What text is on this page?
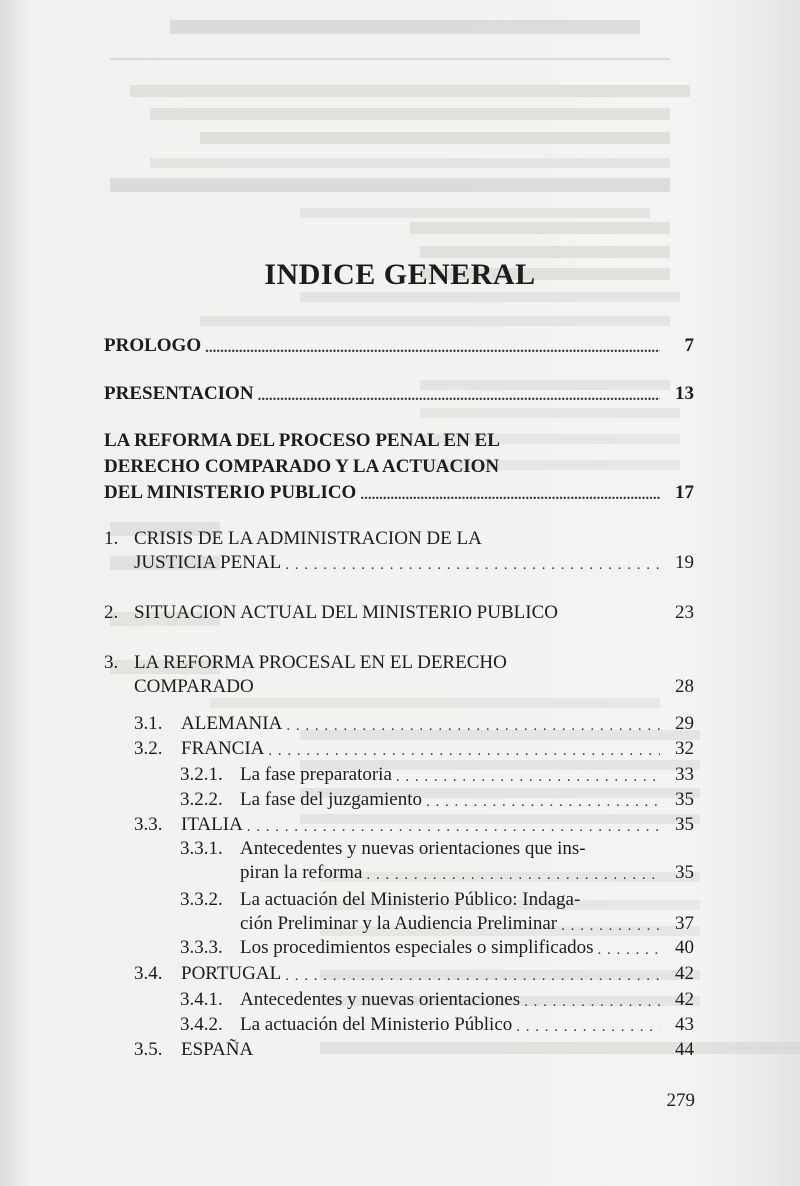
INDICE GENERAL
PROLOGO .....	7
PRESENTACION .....	13
LA REFORMA DEL PROCESO PENAL EN EL
DERECHO COMPARADO Y LA ACTUACION
DEL MINISTERIO PUBLICO .....	17
1. CRISIS DE LA ADMINISTRACION DE LA
JUSTICIA PENAL . . .	19
2. SITUACION ACTUAL DEL MINISTERIO PUBLICO	23
3. LA REFORMA PROCESAL EN EL DERECHO
COMPARADO	28
3.1. ALEMANIA . . .	29
3.2. FRANCIA . . .	32
3.2.1. La fase preparatoria . . .	33
3.2.2. La fase del juzgamiento . . .	35
3.3. ITALIA . . .	35
3.3.1. Antecedentes y nuevas orientaciones que ins-
piran la reforma . . .	35
3.3.2. La actuación del Ministerio Público: Indaga-
ción Preliminar y la Audiencia Preliminar . . .	37
3.3.3. Los procedimientos especiales o simplificados . . .	40
3.4. PORTUGAL . . .	42
3.4.1. Antecedentes y nuevas orientaciones . . .	42
3.4.2. La actuación del Ministerio Público . . .	43
3.5. ESPAÑA	44
279
